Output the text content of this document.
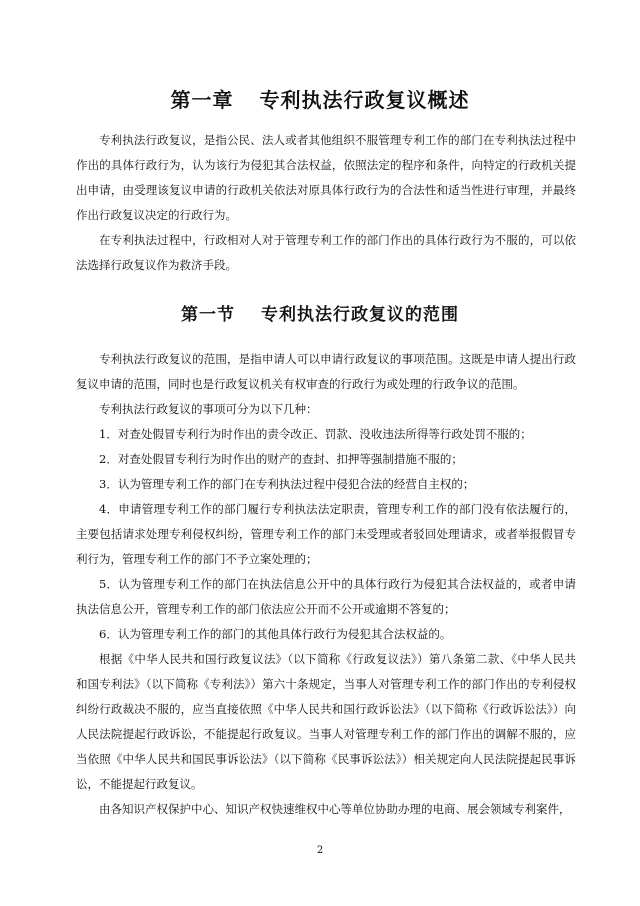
第一章 专利执法行政复议概述

专利执法行政复议，是指公民、法人或者其他组织不服管理专利工作的部门在专利执法过程中作出的具体行政行为，认为该行为侵犯其合法权益，依照法定的程序和条件，向特定的行政机关提出申请，由受理该复议申请的行政机关依法对原具体行政行为的合法性和适当性进行审理，并最终作出行政复议决定的行政行为。

在专利执法过程中，行政相对人对于管理专利工作的部门作出的具体行政行为不服的，可以依法选择行政复议作为救济手段。

第一节 专利执法行政复议的范围

专利执法行政复议的范围，是指申请人可以申请行政复议的事项范围。这既是申请人提出行政复议申请的范围，同时也是行政复议机关有权审查的行政行为或处理的行政争议的范围。

专利执法行政复议的事项可分为以下几种：

1．对查处假冒专利行为时作出的责令改正、罚款、没收违法所得等行政处罚不服的；

2．对查处假冒专利行为时作出的财产的查封、扣押等强制措施不服的；

3．认为管理专利工作的部门在专利执法过程中侵犯合法的经营自主权的；

4．申请管理专利工作的部门履行专利执法法定职责，管理专利工作的部门没有依法履行的，主要包括请求处理专利侵权纠纷，管理专利工作的部门未受理或者驳回处理请求，或者举报假冒专利行为，管理专利工作的部门不予立案处理的；

5．认为管理专利工作的部门在执法信息公开中的具体行政行为侵犯其合法权益的，或者申请执法信息公开，管理专利工作的部门依法应公开而不公开或逾期不答复的；

6．认为管理专利工作的部门的其他具体行政行为侵犯其合法权益的。

根据《中华人民共和国行政复议法》（以下简称《行政复议法》）第八条第二款、《中华人民共和国专利法》（以下简称《专利法》）第六十条规定，当事人对管理专利工作的部门作出的专利侵权纠纷行政裁决不服的，应当直接依照《中华人民共和国行政诉讼法》（以下简称《行政诉讼法》）向人民法院提起行政诉讼，不能提起行政复议。当事人对管理专利工作的部门作出的调解不服的，应当依照《中华人民共和国民事诉讼法》（以下简称《民事诉讼法》）相关规定向人民法院提起民事诉讼，不能提起行政复议。

由各知识产权保护中心、知识产权快速维权中心等单位协助办理的电商、展会领域专利案件，

2
